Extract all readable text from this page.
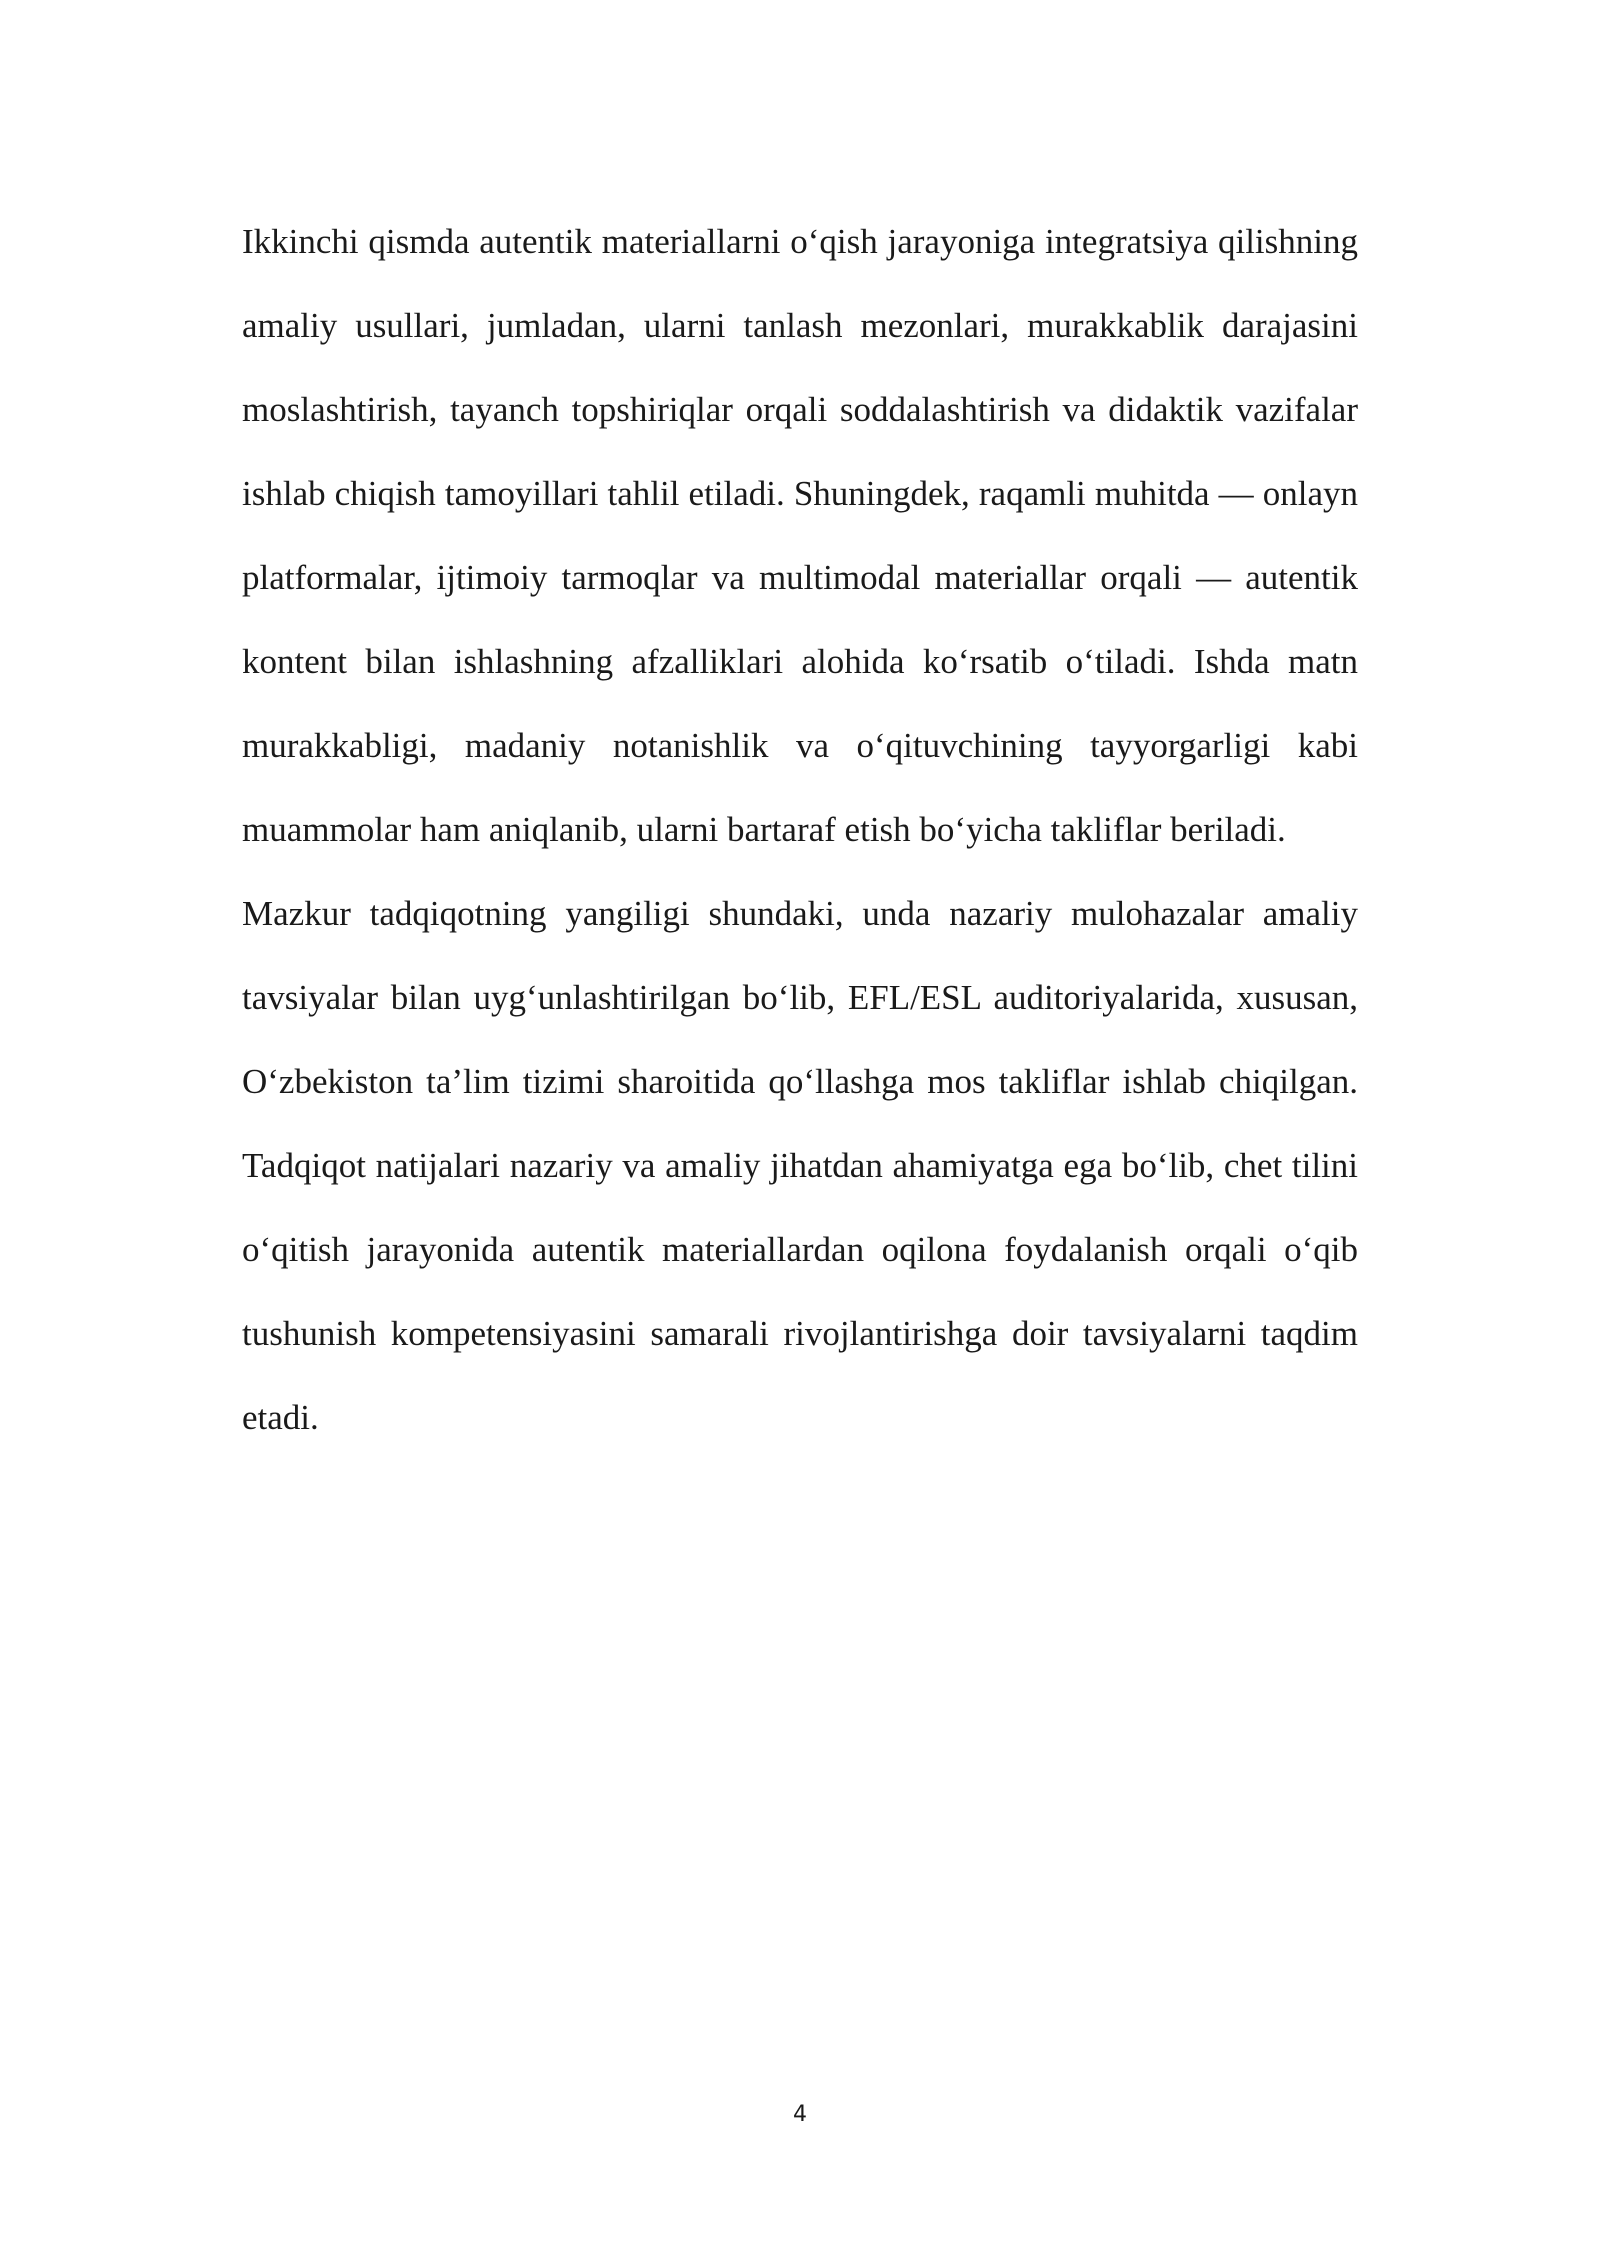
Ikkinchi qismda autentik materiallarni o‘qish jarayoniga integratsiya qilishning amaliy usullari, jumladan, ularni tanlash mezonlari, murakkablik darajasini moslashtirish, tayanch topshiriqlar orqali soddalashtirish va didaktik vazifalar ishlab chiqish tamoyillari tahlil etiladi. Shuningdek, raqamli muhitda — onlayn platformalar, ijtimoiy tarmoqlar va multimodal materiallar orqali — autentik kontent bilan ishlashning afzalliklari alohida ko‘rsatib o‘tiladi. Ishda matn murakkabligi, madaniy notanishlik va o‘qituvchining tayyorgarligi kabi muammolar ham aniqlanib, ularni bartaraf etish bo‘yicha takliflar beriladi.

Mazkur tadqiqotning yangiligi shundaki, unda nazariy mulohazalar amaliy tavsiyalar bilan uyg‘unlashtirilgan bo‘lib, EFL/ESL auditoriyalarida, xususan, O‘zbekiston ta’lim tizimi sharoitida qo‘llashga mos takliflar ishlab chiqilgan. Tadqiqot natijalari nazariy va amaliy jihatdan ahamiyatga ega bo‘lib, chet tilini o‘qitish jarayonida autentik materiallardan oqilona foydalanish orqali o‘qib tushunish kompetensiyasini samarali rivojlantirishga doir tavsiyalarni taqdim etadi.

4
